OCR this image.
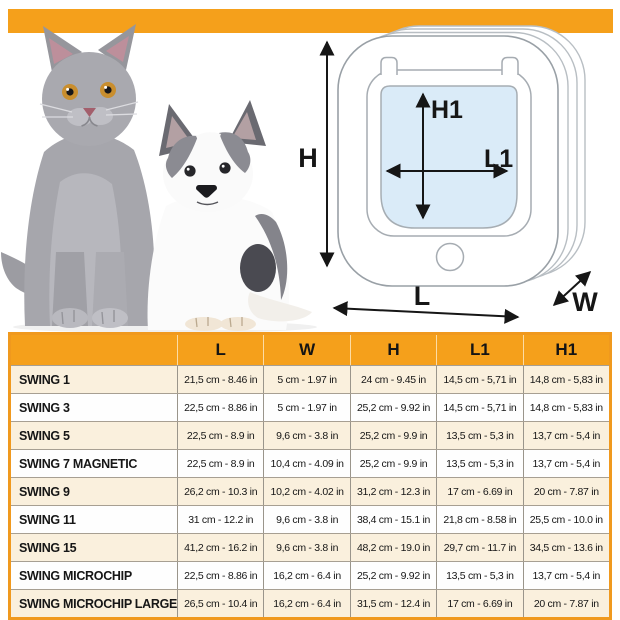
H
H1
L1
L	W
L	W	H	L1	H1
SWING 1	21,5 cm - 8.46 in	5 cm - 1.97 in	24 cm - 9.45 in	14,5 cm - 5,71 in	14,8 cm - 5,83 in
SWING 3	22,5 cm - 8.86 in	5 cm - 1.97 in	25,2 cm - 9.92 in	14,5 cm - 5,71 in	14,8 cm - 5,83 in
SWING 5	22,5 cm - 8.9 in	9,6 cm - 3.8 in	25,2 cm - 9.9 in	13,5 cm - 5,3 in	13,7 cm - 5,4 in
SWING 7 MAGNETIC	22,5 cm - 8.9 in	10,4 cm - 4.09 in	25,2 cm - 9.9 in	13,5 cm - 5,3 in	13,7 cm - 5,4 in
SWING 9	26,2 cm - 10.3 in	10,2 cm - 4.02 in	31,2 cm - 12.3 in	17 cm - 6.69 in	20 cm - 7.87 in
SWING 11	31 cm - 12.2 in	9,6 cm - 3.8 in	38,4 cm - 15.1 in	21,8 cm - 8.58 in	25,5 cm - 10.0 in
SWING 15	41,2 cm - 16.2 in	9,6 cm - 3.8 in	48,2 cm - 19.0 in	29,7 cm - 11.7 in	34,5 cm - 13.6 in
SWING MICROCHIP	22,5 cm - 8.86 in	16,2 cm - 6.4 in	25,2 cm - 9.92 in	13,5 cm - 5,3 in	13,7 cm - 5,4 in
SWING MICROCHIP LARGE 26,5 cm - 10.4 in	16,2 cm - 6.4 in	31,5 cm - 12.4 in	17 cm - 6.69 in	20 cm - 7.87 in
